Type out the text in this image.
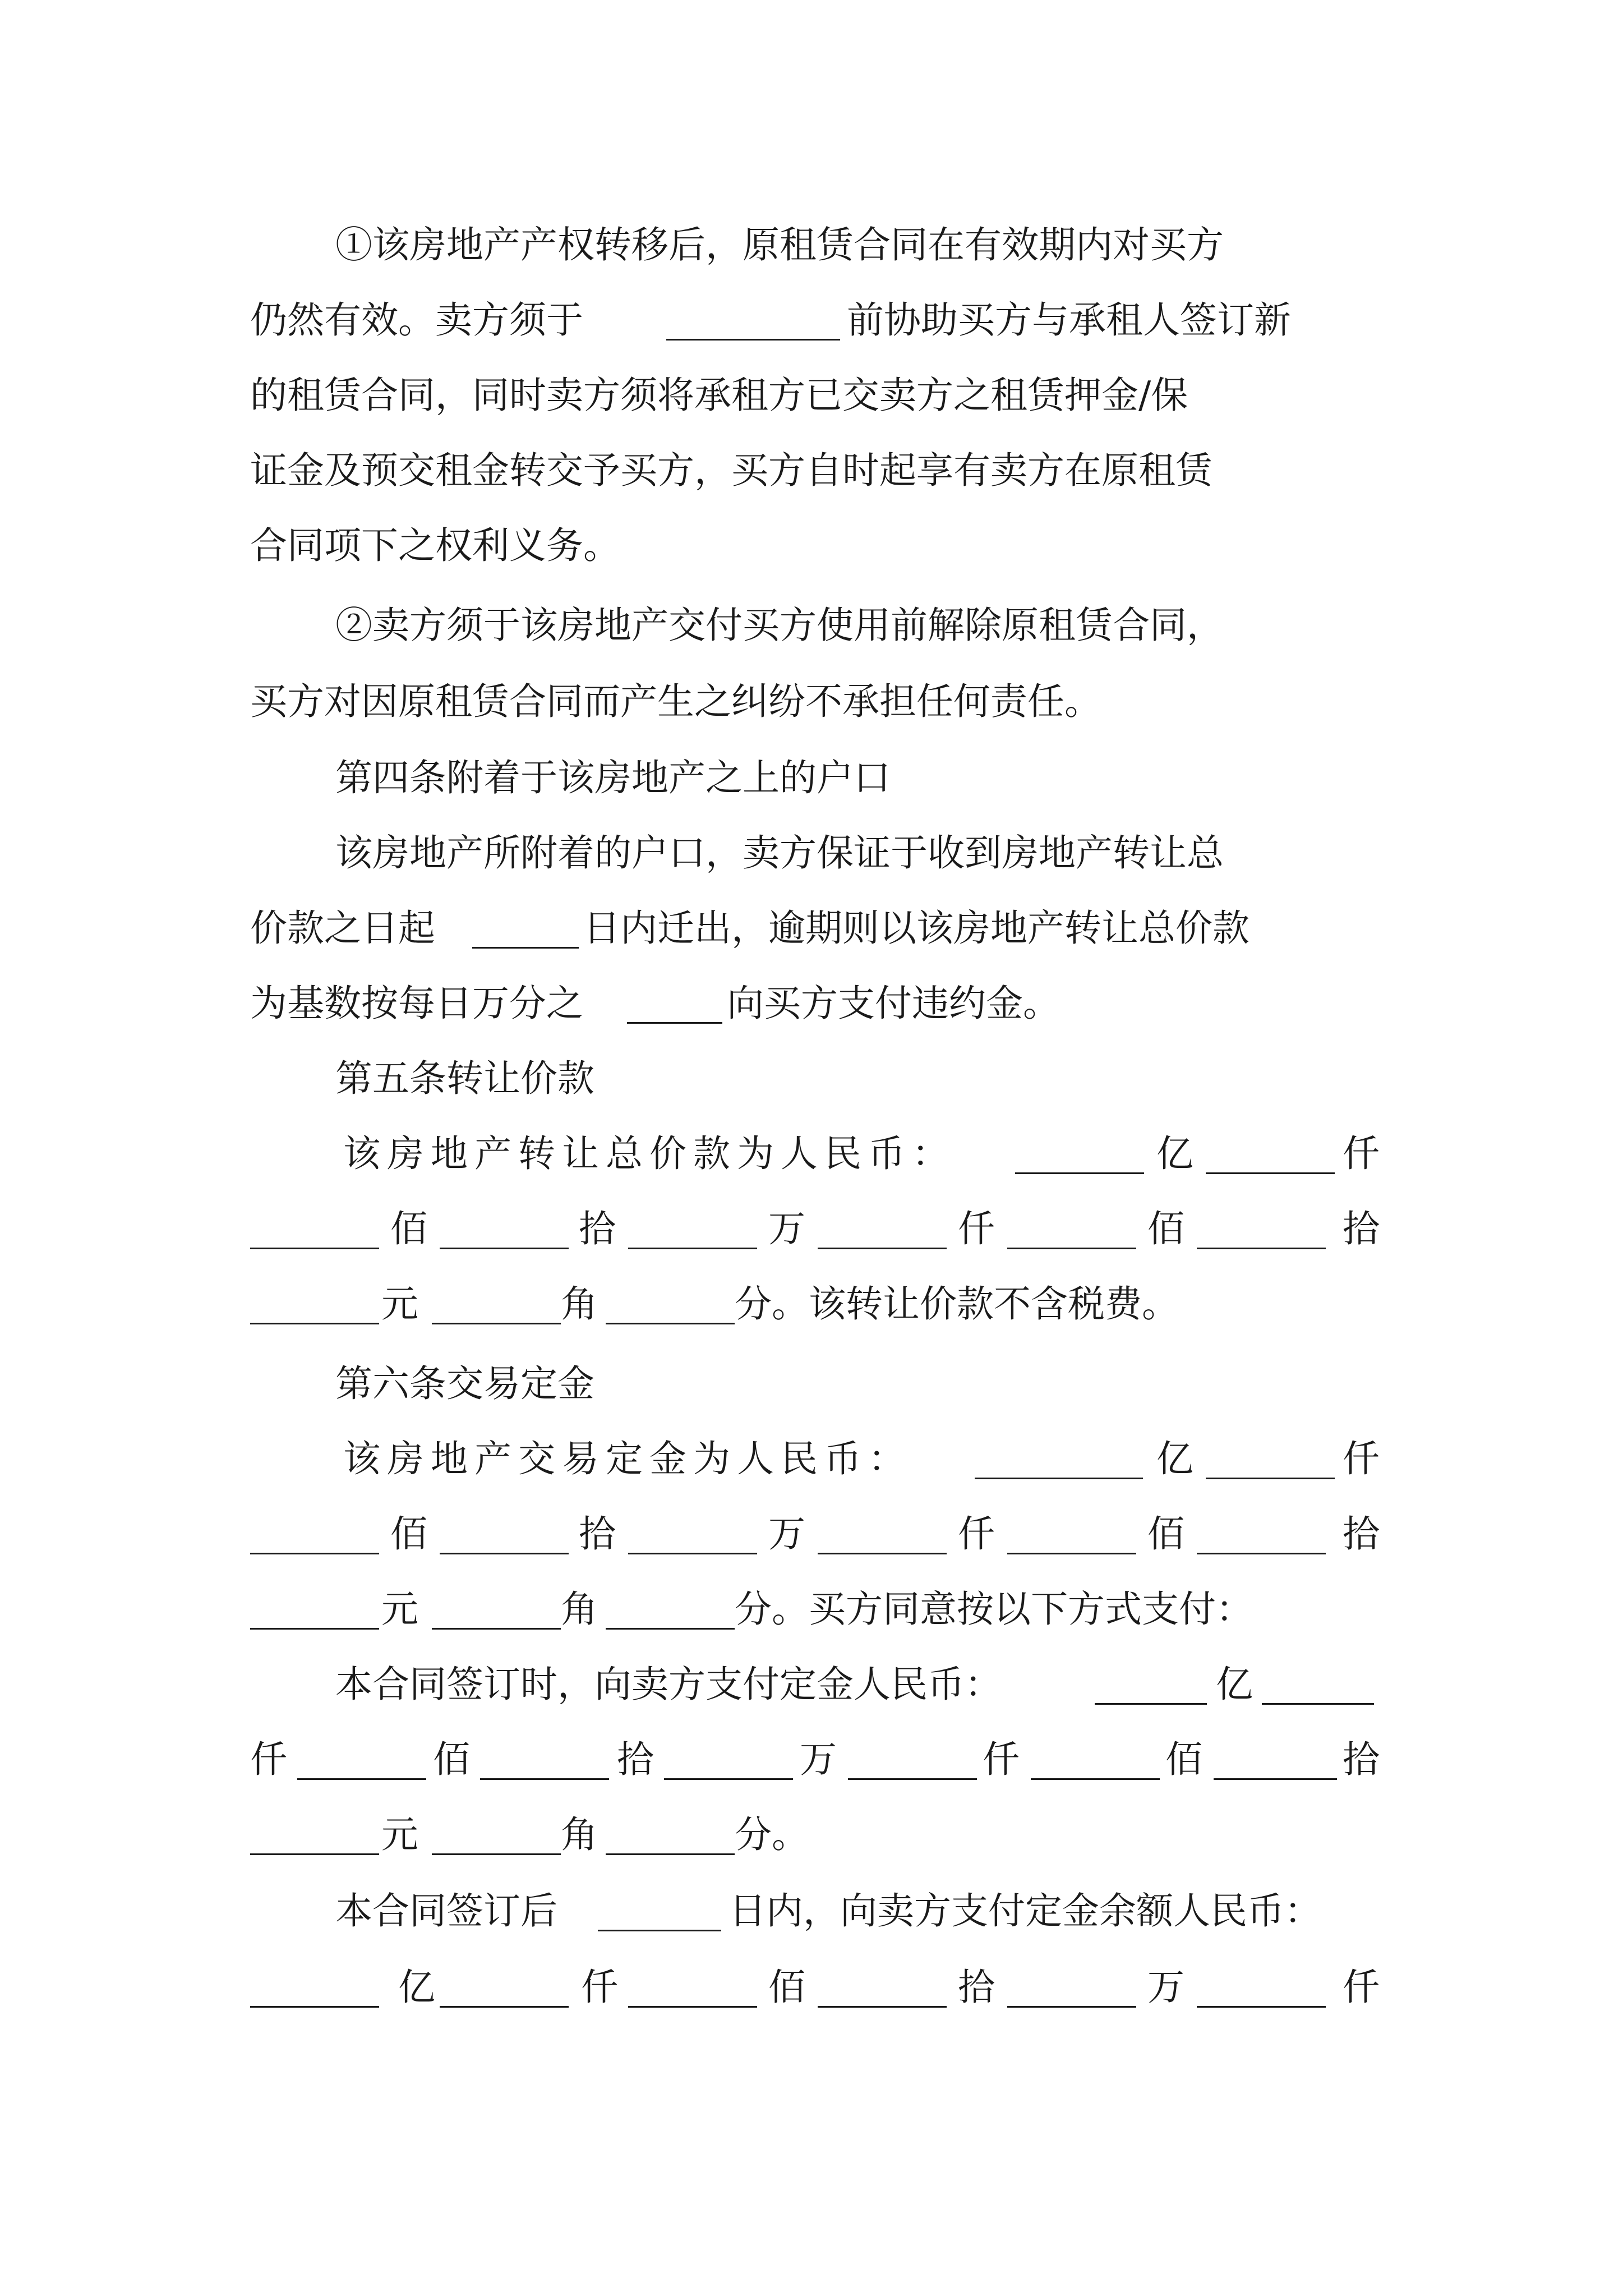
①该房地产产权转移后，原租赁合同在有效期内对买方
仍然有效。卖方须于	前协助买方与承租人签订新
的租赁合同，同时卖方须将承租方已交卖方之租赁押金/保
证金及预交租金转交予买方，买方自时起享有卖方在原租赁
合同项下之权利义务。
②卖方须于该房地产交付买方使用前解除原租赁合同，
买方对因原租赁合同而产生之纠纷不承担任何责任。
第四条附着于该房地产之上的户口
该房地产所附着的户口，卖方保证于收到房地产转让总
价款之日起	日内迁出，逾期则以该房地产转让总价款
为基数按每日万分之	向买方支付违约金。
第五条转让价款
该房地产转让总价款为人民币：	亿	仟
佰	拾	万	仟	佰	拾
元	角	分。该转让价款不含税费。
第六条交易定金
该房地产交易定金为人民币：	亿	仟
佰	拾	万	仟	佰	拾
元	角	分。买方同意按以下方式支付：
本合同签订时，向卖方支付定金人民币：	亿
仟	佰	拾	万	仟	佰	拾
元	角	分。
本合同签订后	日内，向卖方支付定金余额人民币：
亿	仟	佰	拾	万	仟
